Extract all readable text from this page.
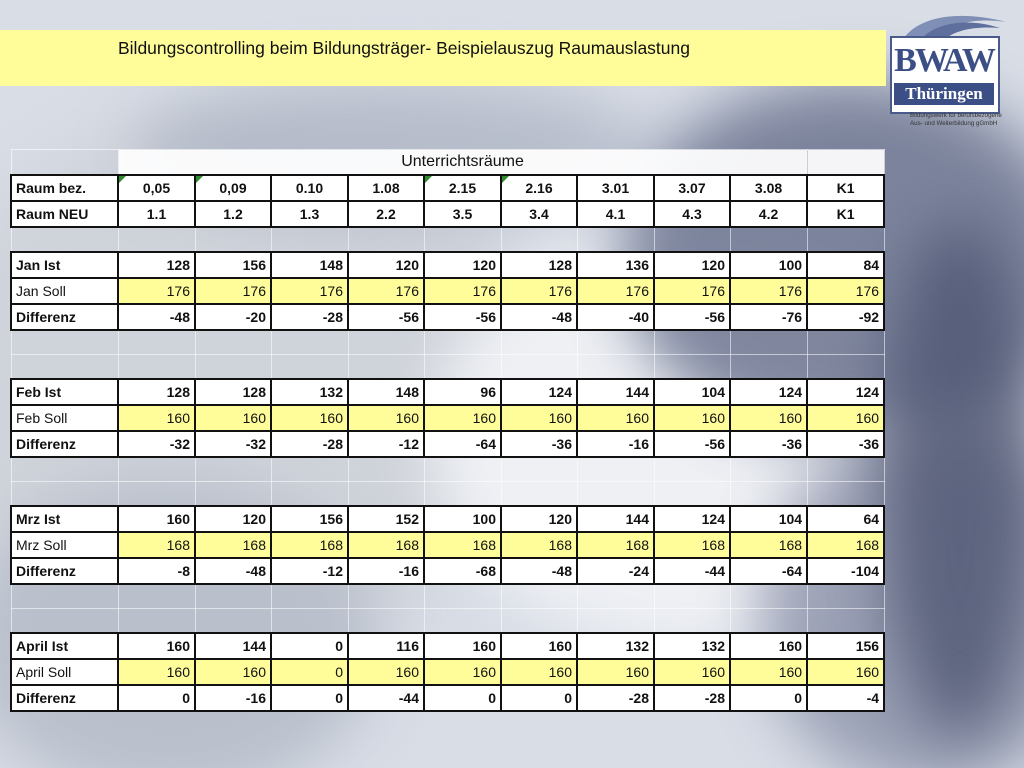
Bildungscontrolling beim Bildungsträger- Beispielauszug Raumauslastung	BWAW
Thüringen
Bildungswerk für berufsbezogene
Aus- und Weiterbildung gGmbH
	Unterrichtsräume									
Raum bez.	0,05	0,09	0.10	1.08	2.15	2.16	3.01	3.07	3.08	K1
Raum NEU	1.1	1.2	1.3	2.2	3.5	3.4	4.1	4.3	4.2	K1

Jan Ist	128	156	148	120	120	128	136	120	100	84
Jan Soll	176	176	176	176	176	176	176	176	176	176
Differenz	-48	-20	-28	-56	-56	-48	-40	-56	-76	-92

Feb Ist	128	128	132	148	96	124	144	104	124	124
Feb Soll	160	160	160	160	160	160	160	160	160	160
Differenz	-32	-32	-28	-12	-64	-36	-16	-56	-36	-36

Mrz Ist	160	120	156	152	100	120	144	124	104	64
Mrz Soll	168	168	168	168	168	168	168	168	168	168
Differenz	-8	-48	-12	-16	-68	-48	-24	-44	-64	-104

April Ist	160	144	0	116	160	160	132	132	160	156
April Soll	160	160	0	160	160	160	160	160	160	160
Differenz	0	-16	0	-44	0	0	-28	-28	0	-4
